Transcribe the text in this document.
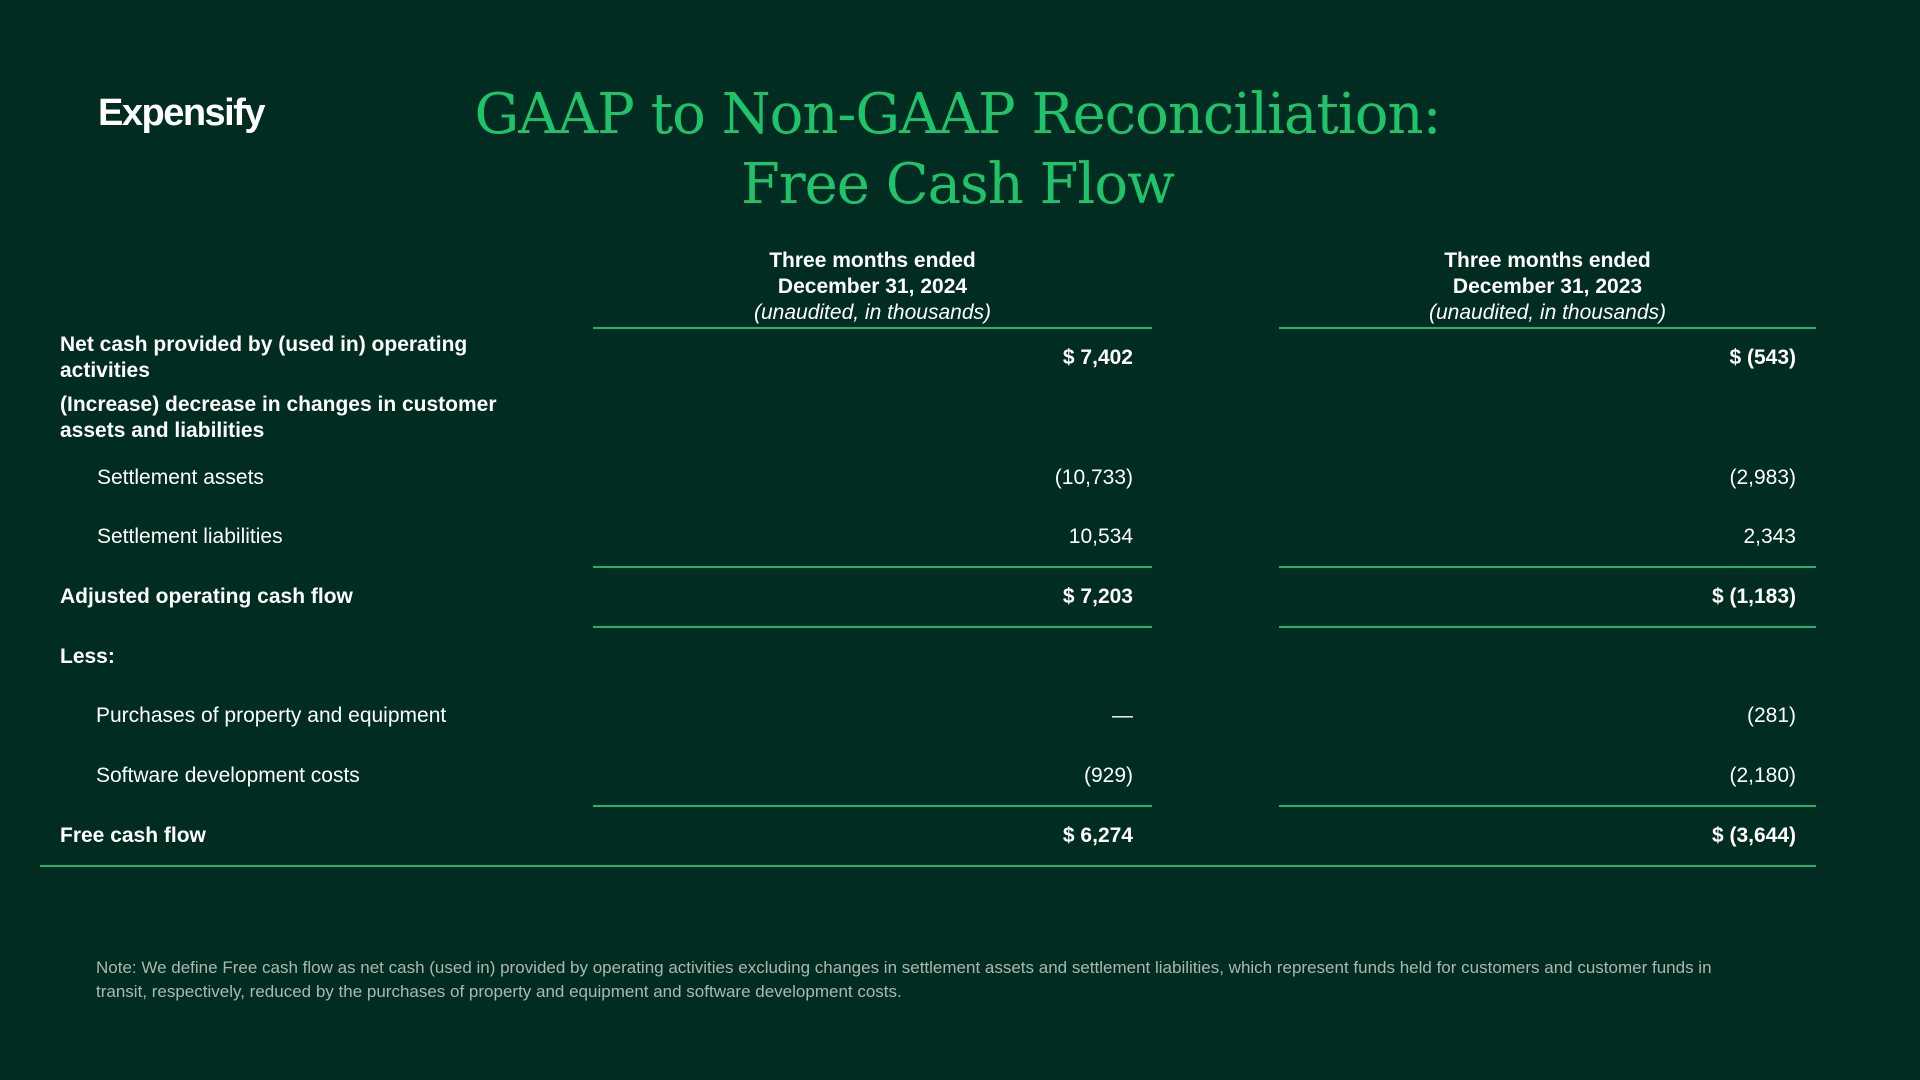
Expensify	GAAP to Non-GAAP Reconciliation:
Free Cash Flow
Three months ended
December 31, 2024
(unaudited, in thousands)
Three months ended
December 31, 2023
(unaudited, in thousands)
Net cash provided by (used in) operating
activities
$ 7,402	$ (543)
(Increase) decrease in changes in customer
assets and liabilities
Settlement assets	(10,733)	(2,983)
Settlement liabilities	10,534	2,343
Adjusted operating cash flow	$ 7,203	$ (1,183)
Less:
Purchases of property and equipment	—	(281)
Software development costs	(929)	(2,180)
Free cash flow	$ 6,274	$ (3,644)
Note: We define Free cash flow as net cash (used in) provided by operating activities excluding changes in settlement assets and settlement liabilities, which represent funds held for customers and customer funds in transit, respectively, reduced by the purchases of property and equipment and software development costs.
